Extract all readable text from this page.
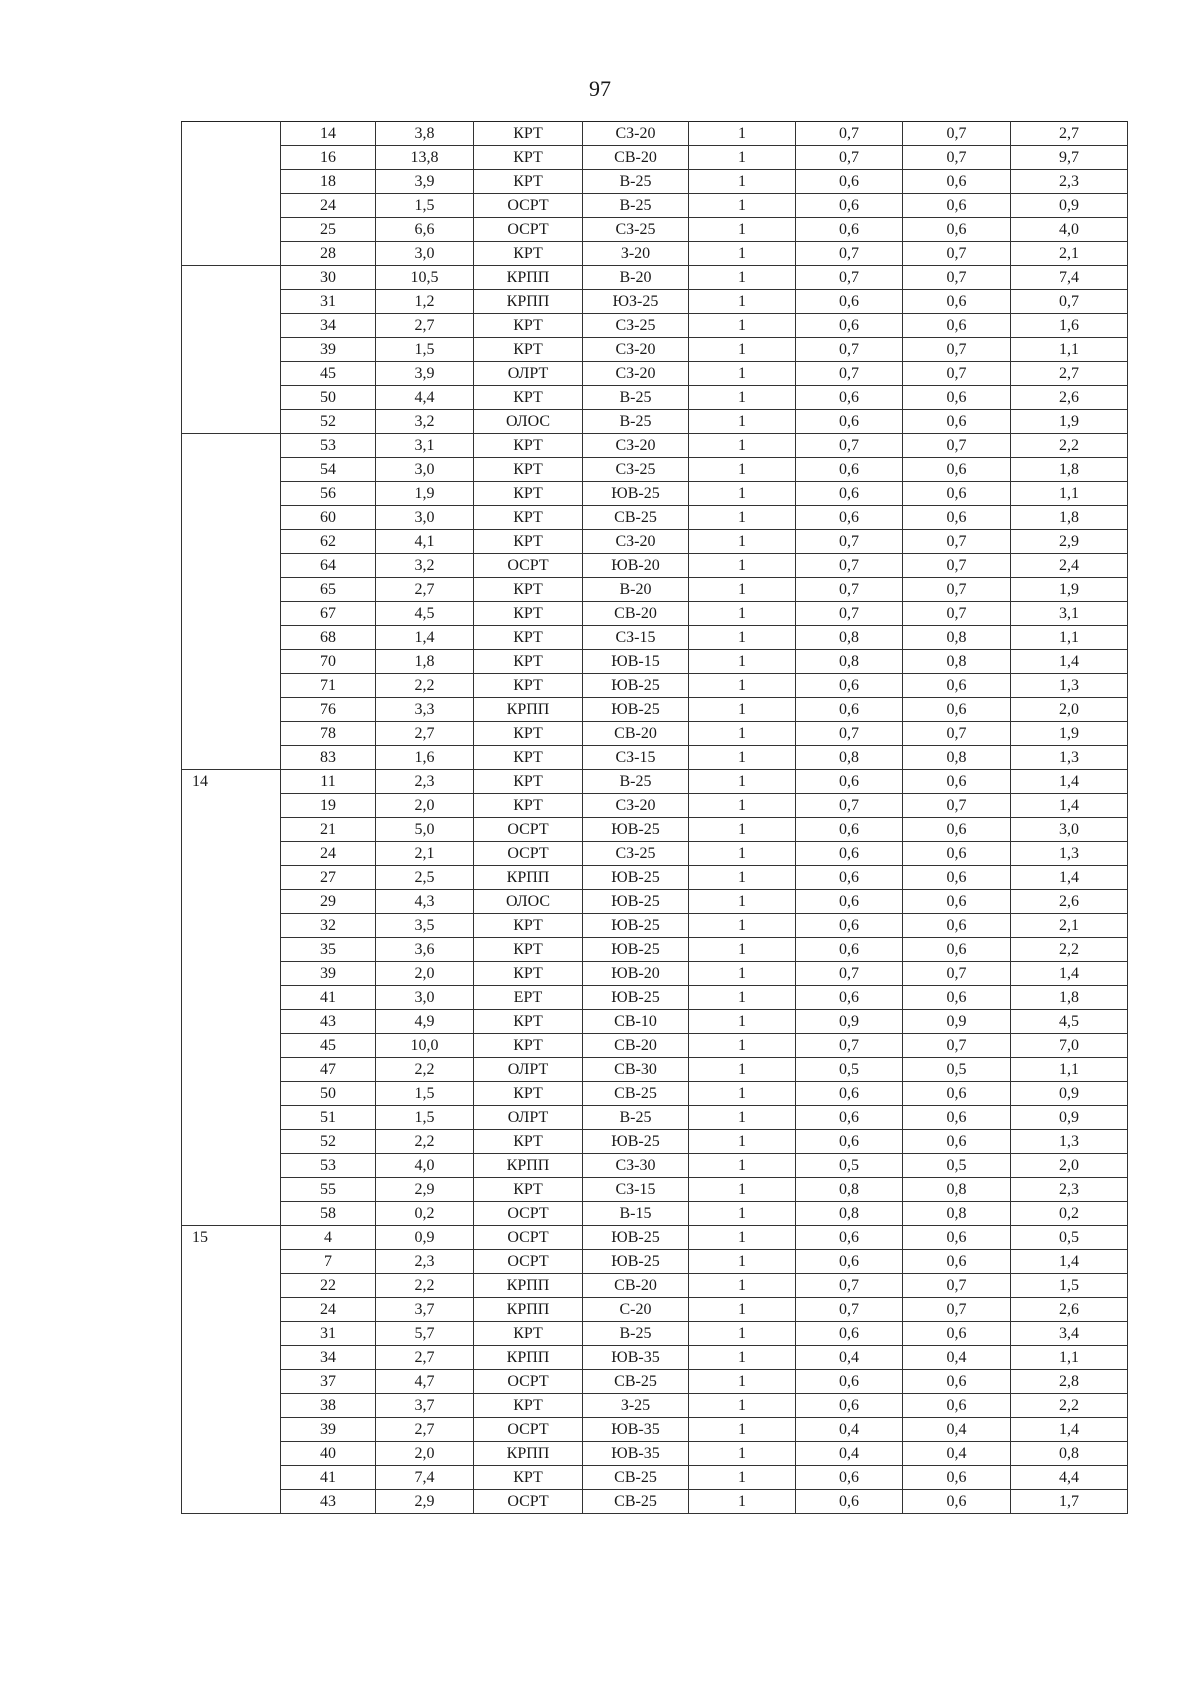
97
	14	3,8	КРТ	СЗ-20	1	0,7	0,7	2,7
	16	13,8	КРТ	СВ-20	1	0,7	0,7	9,7
	18	3,9	КРТ	В-25	1	0,6	0,6	2,3
	24	1,5	ОСРТ	В-25	1	0,6	0,6	0,9
	25	6,6	ОСРТ	СЗ-25	1	0,6	0,6	4,0
	28	3,0	КРТ	З-20	1	0,7	0,7	2,1
	30	10,5	КРПП	В-20	1	0,7	0,7	7,4
	31	1,2	КРПП	ЮЗ-25	1	0,6	0,6	0,7
	34	2,7	КРТ	СЗ-25	1	0,6	0,6	1,6
	39	1,5	КРТ	СЗ-20	1	0,7	0,7	1,1
	45	3,9	ОЛРТ	СЗ-20	1	0,7	0,7	2,7
	50	4,4	КРТ	В-25	1	0,6	0,6	2,6
	52	3,2	ОЛОС	В-25	1	0,6	0,6	1,9
	53	3,1	КРТ	СЗ-20	1	0,7	0,7	2,2
	54	3,0	КРТ	СЗ-25	1	0,6	0,6	1,8
	56	1,9	КРТ	ЮВ-25	1	0,6	0,6	1,1
	60	3,0	КРТ	СВ-25	1	0,6	0,6	1,8
	62	4,1	КРТ	СЗ-20	1	0,7	0,7	2,9
	64	3,2	ОСРТ	ЮВ-20	1	0,7	0,7	2,4
	65	2,7	КРТ	В-20	1	0,7	0,7	1,9
	67	4,5	КРТ	СВ-20	1	0,7	0,7	3,1
	68	1,4	КРТ	СЗ-15	1	0,8	0,8	1,1
	70	1,8	КРТ	ЮВ-15	1	0,8	0,8	1,4
	71	2,2	КРТ	ЮВ-25	1	0,6	0,6	1,3
	76	3,3	КРПП	ЮВ-25	1	0,6	0,6	2,0
	78	2,7	КРТ	СВ-20	1	0,7	0,7	1,9
	83	1,6	КРТ	СЗ-15	1	0,8	0,8	1,3
14	11	2,3	КРТ	В-25	1	0,6	0,6	1,4
	19	2,0	КРТ	СЗ-20	1	0,7	0,7	1,4
	21	5,0	ОСРТ	ЮВ-25	1	0,6	0,6	3,0
	24	2,1	ОСРТ	СЗ-25	1	0,6	0,6	1,3
	27	2,5	КРПП	ЮВ-25	1	0,6	0,6	1,4
	29	4,3	ОЛОС	ЮВ-25	1	0,6	0,6	2,6
	32	3,5	КРТ	ЮВ-25	1	0,6	0,6	2,1
	35	3,6	КРТ	ЮВ-25	1	0,6	0,6	2,2
	39	2,0	КРТ	ЮВ-20	1	0,7	0,7	1,4
	41	3,0	ЕРТ	ЮВ-25	1	0,6	0,6	1,8
	43	4,9	КРТ	СВ-10	1	0,9	0,9	4,5
	45	10,0	КРТ	СВ-20	1	0,7	0,7	7,0
	47	2,2	ОЛРТ	СВ-30	1	0,5	0,5	1,1
	50	1,5	КРТ	СВ-25	1	0,6	0,6	0,9
	51	1,5	ОЛРТ	В-25	1	0,6	0,6	0,9
	52	2,2	КРТ	ЮВ-25	1	0,6	0,6	1,3
	53	4,0	КРПП	СЗ-30	1	0,5	0,5	2,0
	55	2,9	КРТ	СЗ-15	1	0,8	0,8	2,3
	58	0,2	ОСРТ	В-15	1	0,8	0,8	0,2
15	4	0,9	ОСРТ	ЮВ-25	1	0,6	0,6	0,5
	7	2,3	ОСРТ	ЮВ-25	1	0,6	0,6	1,4
	22	2,2	КРПП	СВ-20	1	0,7	0,7	1,5
	24	3,7	КРПП	С-20	1	0,7	0,7	2,6
	31	5,7	КРТ	В-25	1	0,6	0,6	3,4
	34	2,7	КРПП	ЮВ-35	1	0,4	0,4	1,1
	37	4,7	ОСРТ	СВ-25	1	0,6	0,6	2,8
	38	3,7	КРТ	З-25	1	0,6	0,6	2,2
	39	2,7	ОСРТ	ЮВ-35	1	0,4	0,4	1,4
	40	2,0	КРПП	ЮВ-35	1	0,4	0,4	0,8
	41	7,4	КРТ	СВ-25	1	0,6	0,6	4,4
	43	2,9	ОСРТ	СВ-25	1	0,6	0,6	1,7
